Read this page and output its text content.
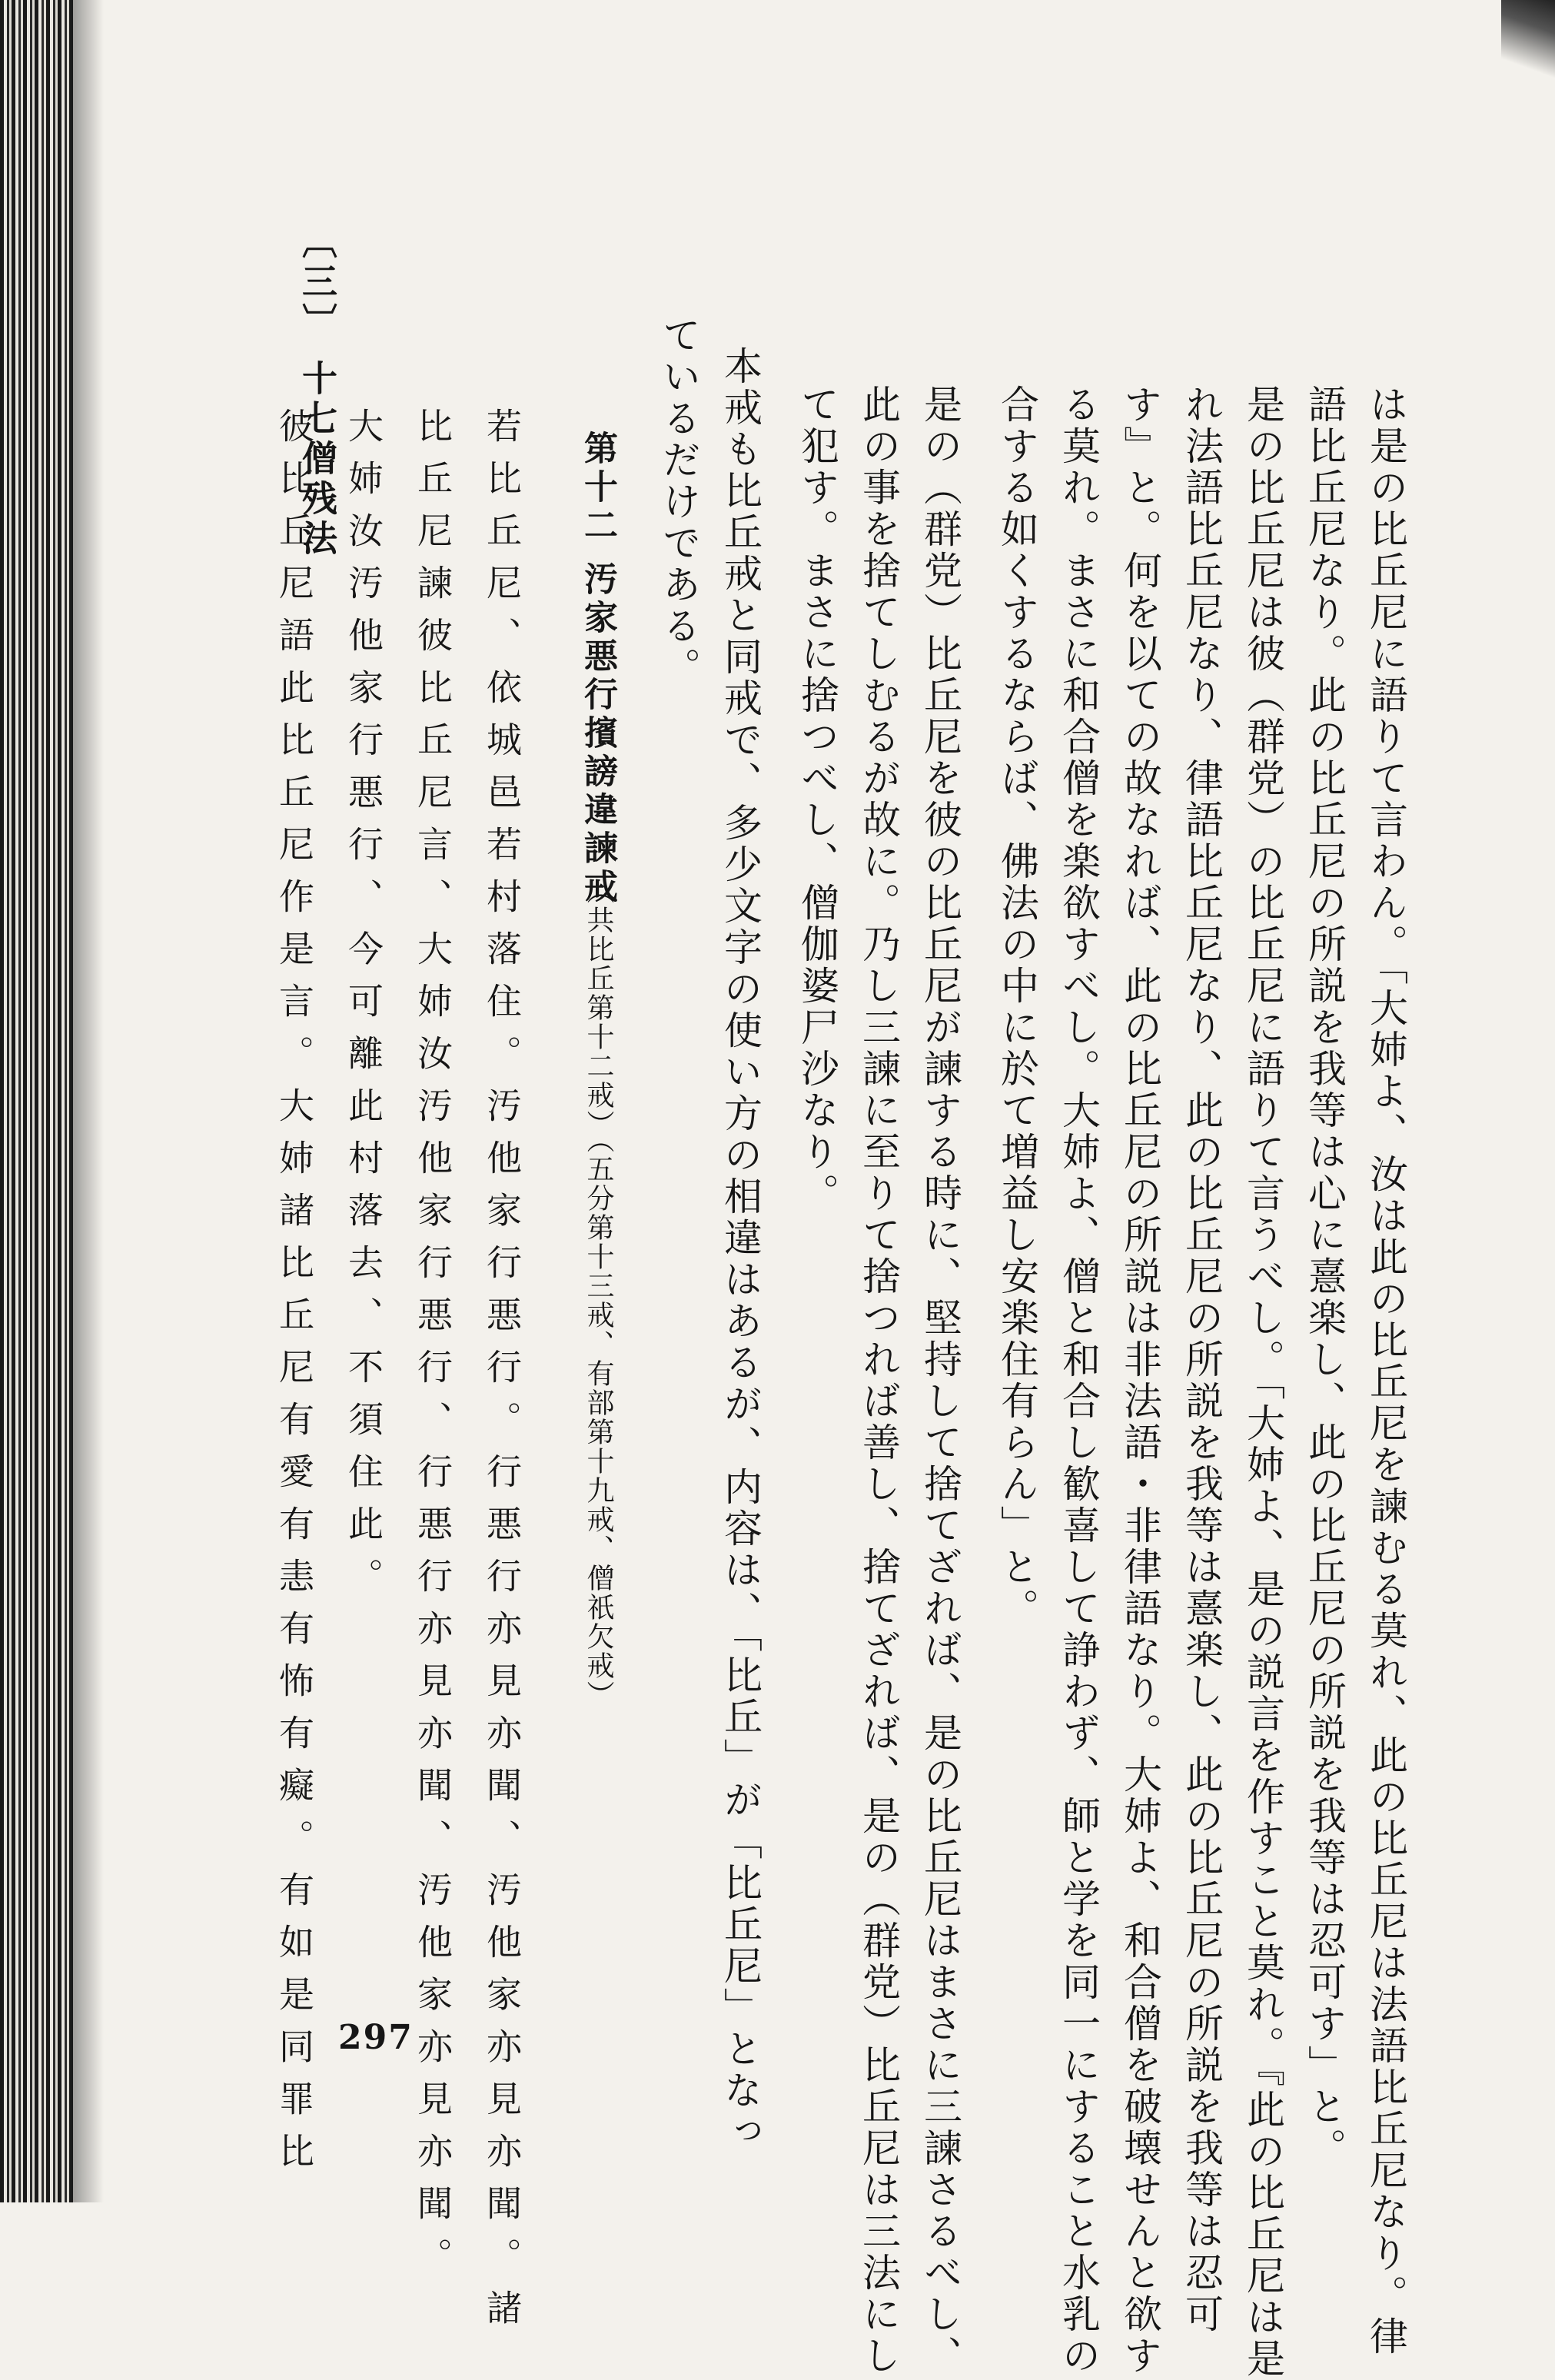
〔三〕 十七僧残法	は是の比丘尼に語りて言わん。「大姉よ、汝は此の比丘尼を諫むる莫れ、此の比丘尼は法語比丘尼なり。律
語比丘尼なり。此の比丘尼の所説を我等は心に憙楽し、此の比丘尼の所説を我等は忍可す」と。
是の比丘尼は彼（群党）の比丘尼に語りて言うべし。「大姉よ、是の説言を作すこと莫れ。『此の比丘尼は是
れ法語比丘尼なり、律語比丘尼なり、此の比丘尼の所説を我等は憙楽し、此の比丘尼の所説を我等は忍可
す』と。何を以ての故なれば、此の比丘尼の所説は非法語・非律語なり。大姉よ、和合僧を破壊せんと欲す
る莫れ。まさに和合僧を楽欲すべし。大姉よ、僧と和合し歓喜して諍わず、師と学を同一にすること水乳の
合する如くするならば、佛法の中に於て増益し安楽住有らん」と。
是の（群党）比丘尼を彼の比丘尼が諫する時に、堅持して捨てざれば、是の比丘尼はまさに三諫さるべし、
此の事を捨てしむるが故に。乃し三諫に至りて捨つれば善し、捨てざれば、是の（群党）比丘尼は三法にし
て犯す。まさに捨つべし、僧伽婆尸沙なり。
本戒も比丘戒と同戒で、多少文字の使い方の相違はあるが、内容は、「比丘」が「比丘尼」となっ
ているだけである。
第十二
汚家悪行擯謗違諫戒
（共比丘第十二戒）（五分第十三戒、有部第十九戒、僧祇欠戒）
若比丘尼、依城邑若村落住。汚他家行悪行。行悪行亦見亦聞、汚他家亦見亦聞。諸
比丘尼諫彼比丘尼言、大姉汝汚他家行悪行、行悪行亦見亦聞、汚他家亦見亦聞。
大姉汝汚他家行悪行、今可離此村落去、不須住此。
彼比丘尼語此比丘尼作是言。大姉諸比丘尼有愛有恚有怖有癡。有如是同罪比 297
